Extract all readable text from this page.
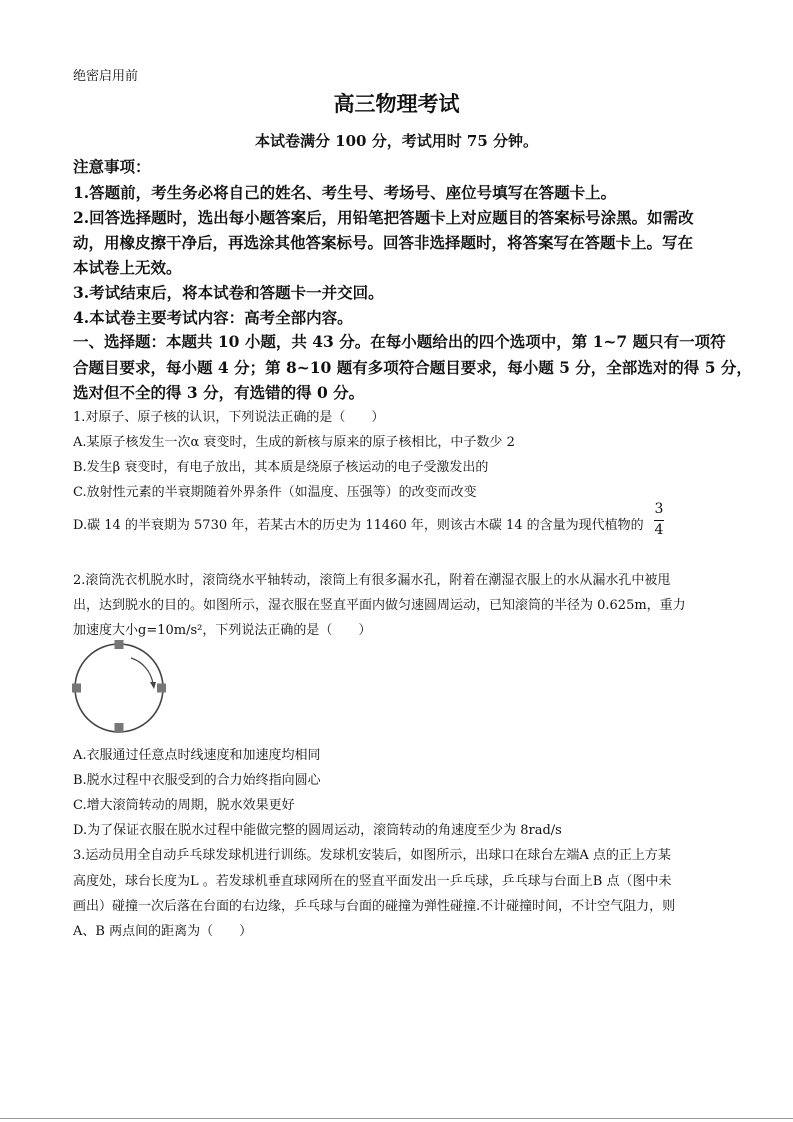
绝密启用前
高三物理考试
本试卷满分 100 分，考试用时 75 分钟。
注意事项：
1.答题前，考生务必将自己的姓名、考生号、考场号、座位号填写在答题卡上。
2.回答选择题时，选出每小题答案后，用铅笔把答题卡上对应题目的答案标号涂黑。如需改
动，用橡皮擦干净后，再选涂其他答案标号。回答非选择题时，将答案写在答题卡上。写在
本试卷上无效。
3.考试结束后，将本试卷和答题卡一并交回。
4.本试卷主要考试内容：高考全部内容。
一、选择题：本题共 10 小题，共 43 分。在每小题给出的四个选项中，第 1~7 题只有一项符
合题目要求，每小题 4 分；第 8~10 题有多项符合题目要求，每小题 5 分，全部选对的得 5 分，
选对但不全的得 3 分，有选错的得 0 分。
1.对原子、原子核的认识，下列说法正确的是（　　）
A.某原子核发生一次α 衰变时，生成的新核与原来的原子核相比，中子数少 2
B.发生β 衰变时，有电子放出，其本质是绕原子核运动的电子受激发出的
C.放射性元素的半衰期随着外界条件（如温度、压强等）的改变而改变
D.碳 14 的半衰期为 5730 年，若某古木的历史为 11460 年，则该古木碳 14 的含量为现代植物的
3
4
2.滚筒洗衣机脱水时，滚筒绕水平轴转动，滚筒上有很多漏水孔，附着在潮湿衣服上的水从漏水孔中被甩
出，达到脱水的目的。如图所示，湿衣服在竖直平面内做匀速圆周运动，已知滚筒的半径为 0.625m，重力
加速度大小g=10m/s²，下列说法正确的是（　　）
A.衣服通过任意点时线速度和加速度均相同
B.脱水过程中衣服受到的合力始终指向圆心
C.增大滚筒转动的周期，脱水效果更好
D.为了保证衣服在脱水过程中能做完整的圆周运动，滚筒转动的角速度至少为 8rad/s
3.运动员用全自动乒乓球发球机进行训练。发球机安装后，如图所示，出球口在球台左端A 点的正上方某
高度处，球台长度为L 。若发球机垂直球网所在的竖直平面发出一乒乓球，乒乓球与台面上B 点（图中未
画出）碰撞一次后落在台面的右边缘，乒乓球与台面的碰撞为弹性碰撞.不计碰撞时间，不计空气阻力，则
A、B 两点间的距离为（　　）
